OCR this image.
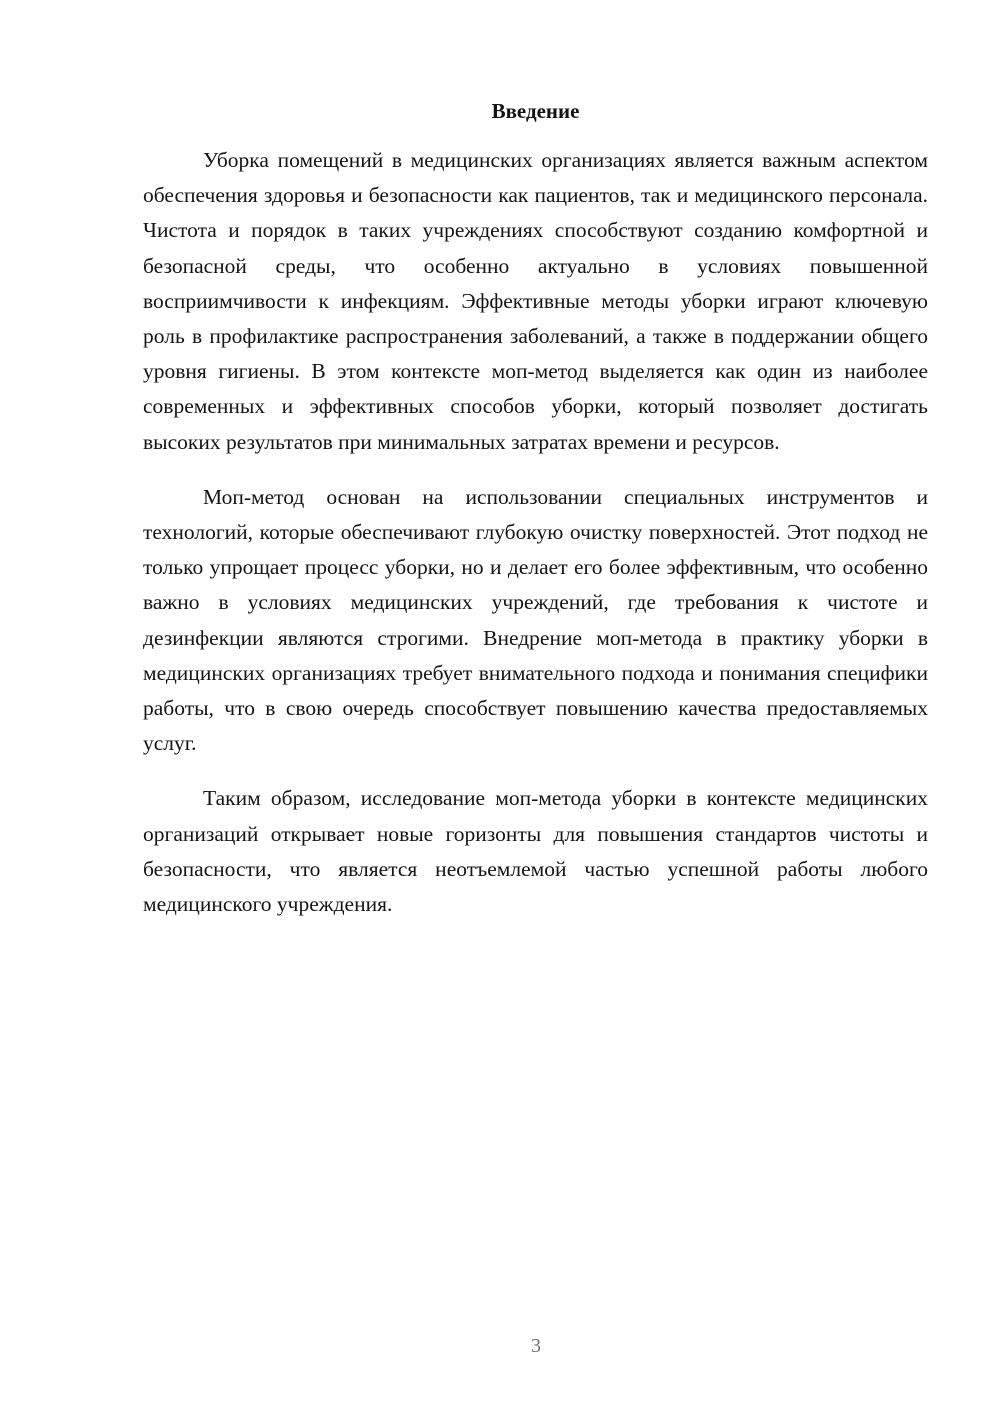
Введение

Уборка помещений в медицинских организациях является важным аспектом обеспечения здоровья и безопасности как пациентов, так и медицинского персонала. Чистота и порядок в таких учреждениях способствуют созданию комфортной и безопасной среды, что особенно актуально в условиях повышенной восприимчивости к инфекциям. Эффективные методы уборки играют ключевую роль в профилактике распространения заболеваний, а также в поддержании общего уровня гигиены. В этом контексте моп-метод выделяется как один из наиболее современных и эффективных способов уборки, который позволяет достигать высоких результатов при минимальных затратах времени и ресурсов.

Моп-метод основан на использовании специальных инструментов и технологий, которые обеспечивают глубокую очистку поверхностей. Этот подход не только упрощает процесс уборки, но и делает его более эффективным, что особенно важно в условиях медицинских учреждений, где требования к чистоте и дезинфекции являются строгими. Внедрение моп-метода в практику уборки в медицинских организациях требует внимательного подхода и понимания специфики работы, что в свою очередь способствует повышению качества предоставляемых услуг.

Таким образом, исследование моп-метода уборки в контексте медицинских организаций открывает новые горизонты для повышения стандартов чистоты и безопасности, что является неотъемлемой частью успешной работы любого медицинского учреждения.

3
